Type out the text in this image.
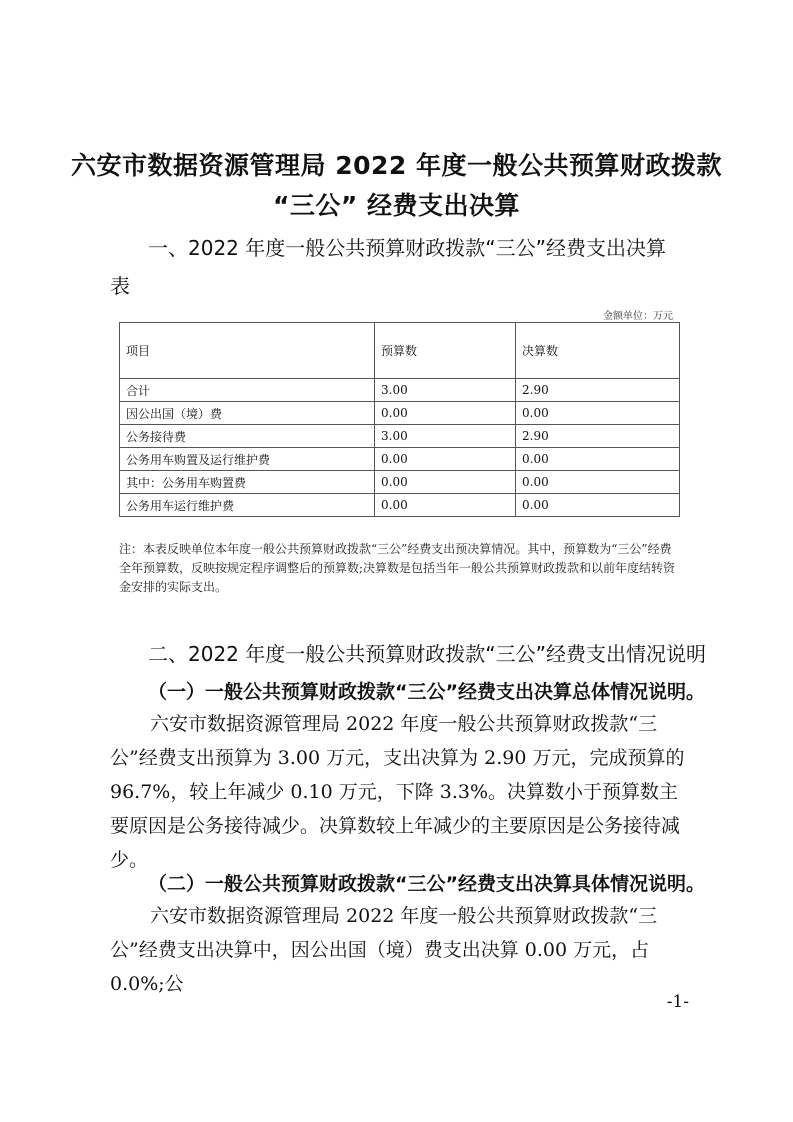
六安市数据资源管理局 2022 年度一般公共预算财政拨款
“三公” 经费支出决算
一、2022 年度一般公共预算财政拨款“三公”经费支出决算
表
金额单位：万元
项目	预算数	决算数
合计	3.00	2.90
因公出国（境）费	0.00	0.00
公务接待费	3.00	2.90
公务用车购置及运行维护费	0.00	0.00
其中：公务用车购置费	0.00	0.00
公务用车运行维护费	0.00	0.00
注：本表反映单位本年度一般公共预算财政拨款“三公”经费支出预决算情况。其中，预算数为“三公”经费全年预算数，反映按规定程序调整后的预算数;决算数是包括当年一般公共预算财政拨款和以前年度结转资金安排的实际支出。
二、2022 年度一般公共预算财政拨款“三公”经费支出情况说明
（一）一般公共预算财政拨款“三公”经费支出决算总体情况说明。
六安市数据资源管理局 2022 年度一般公共预算财政拨款“三公”经费支出预算为 3.00 万元，支出决算为 2.90 万元，完成预算的 96.7%，较上年减少 0.10 万元，下降 3.3%。决算数小于预算数主要原因是公务接待减少。决算数较上年减少的主要原因是公务接待减少。
（二）一般公共预算财政拨款“三公”经费支出决算具体情况说明。
六安市数据资源管理局 2022 年度一般公共预算财政拨款“三公”经费支出决算中，因公出国（境）费支出决算 0.00 万元，占 0.0%;公
-1-
